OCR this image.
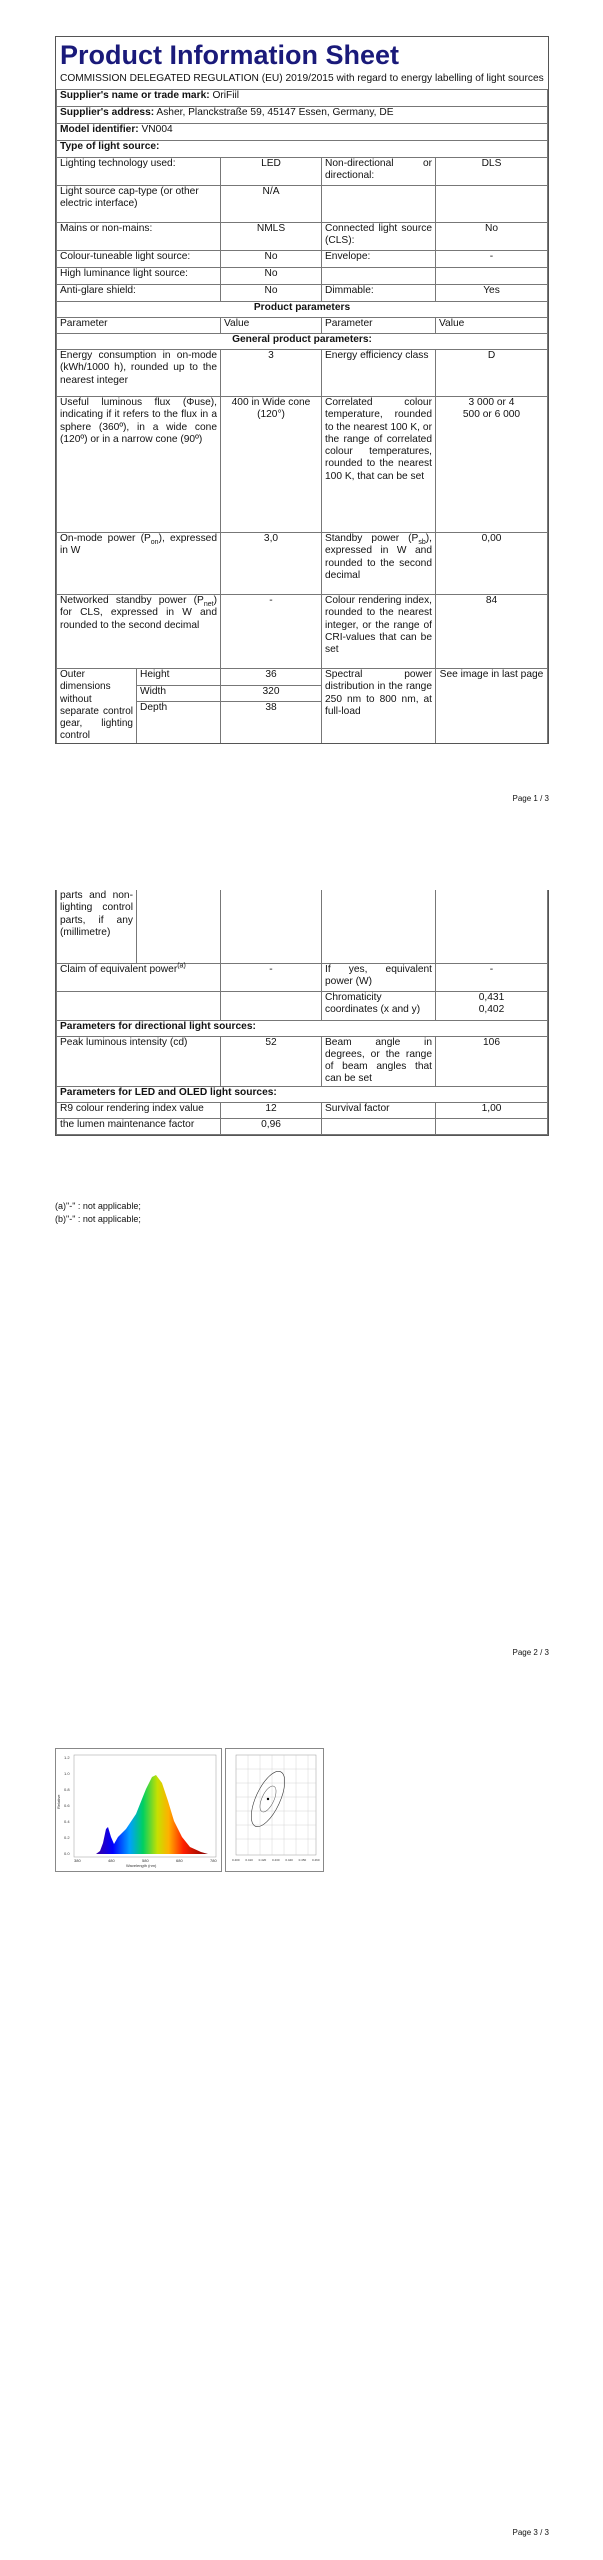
Product Information Sheet
COMMISSION DELEGATED REGULATION (EU) 2019/2015 with regard to energy labelling of light sources
Supplier's name or trade mark: OriFiil			
Supplier's address: Asher, Planckstraße 59, 45147 Essen, Germany, DE			
Model identifier: VN004			
Type of light source:			
Lighting technology used:	LED	Non-directional or directional:	DLS
Light source cap-type (or other electric interface)	N/A		
Mains or non-mains:	NMLS	Connected light source (CLS):	No
Colour-tuneable light source:	No	Envelope:	-
High luminance light source:	No		
Anti-glare shield:	No	Dimmable:	Yes
Product parameters			
Parameter	Value	Parameter	Value
General product parameters:			
Energy consumption in on-mode (kWh/1000 h), rounded up to the nearest integer	3	Energy efficiency class	D
Useful luminous flux (Φuse), indicating if it refers to the flux in a sphere (360º), in a wide cone (120º) or in a narrow cone (90º)	400 in Wide cone (120°)	Correlated colour temperature, rounded to the nearest 100 K, or the range of correlated colour temperatures, rounded to the nearest 100 K, that can be set	3 000 or 4
500 or 6 000

On-mode power $(P_{on})$, expressed in W	3,0	Standby power $(P_{sb})$, expressed in W and rounded to the second decimal	0,00
Networked standby power $(P_{net})$ for CLS, expressed in W and rounded to the second decimal	-	Colour rendering index, rounded to the nearest integer, or the range of CRI-values that can be set	84
Outer dimensions without separate control gear, lighting control	Height	36	Spectral power distribution in the range 250 nm to 800 nm, at full-load	See image in last page
	Width	320		
	Depth	38		
Page 1 / 3
parts and non-lighting control parts, if any (millimetre)				
Claim of equivalent power$^{(a)}$	-	If yes, equivalent power (W)	-
		Chromaticity coordinates (x and y)	0,431
0,402

Parameters for directional light sources:			
Peak luminous intensity (cd)	52	Beam angle in degrees, or the range of beam angles that can be set	106
Parameters for LED and OLED light sources:			
R9 colour rendering index value	12	Survival factor	1,00
the lumen maintenance factor	0,96		
(a)"-" : not applicable;
(b)"-" : not applicable;
Page 2 / 3
1.2
1.0
0.8
0.6
0.4
0.2
0.0
380	480	580	680	780
Relative
Wavelength (nm)
0.400 0.410 0.420 0.430 0.440 0.450 0.460
Page 3 / 3
